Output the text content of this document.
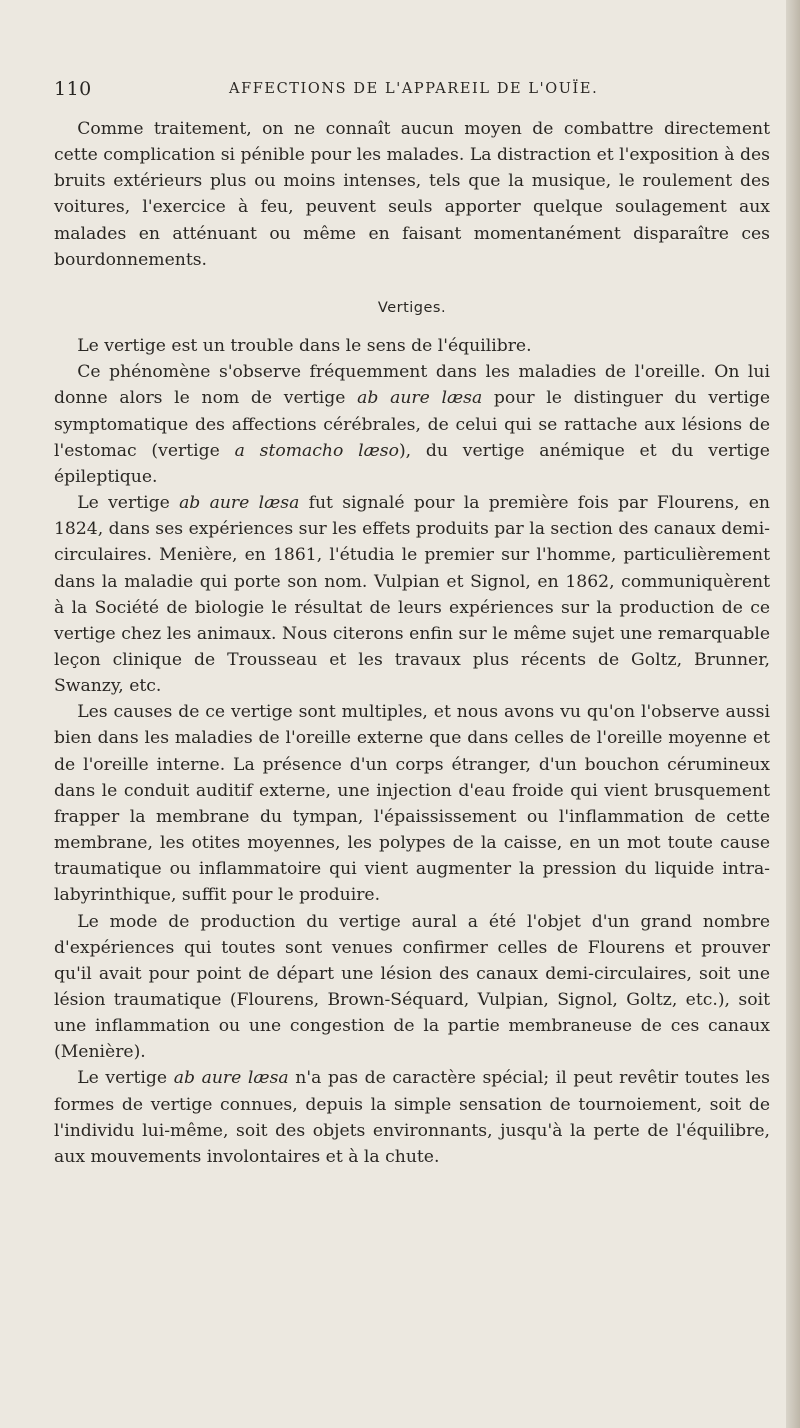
110	AFFECTIONS DE L'APPAREIL DE L'OUÏE.

Comme traitement, on ne connaît aucun moyen de combattre directement cette complication si pénible pour les malades. La distraction et l'exposition à des bruits extérieurs plus ou moins intenses, tels que la musique, le roulement des voitures, l'exercice à feu, peuvent seuls apporter quelque soulagement aux malades en atténuant ou même en faisant momentanément disparaître ces bourdonnements.

Vertiges.

Le vertige est un trouble dans le sens de l'équilibre.

Ce phénomène s'observe fréquemment dans les maladies de l'oreille. On lui donne alors le nom de vertige ab aure læsa pour le distinguer du vertige symptomatique des affections cérébrales, de celui qui se rattache aux lésions de l'estomac (vertige a stomacho læso), du vertige anémique et du vertige épileptique.

Le vertige ab aure læsa fut signalé pour la première fois par Flourens, en 1824, dans ses expériences sur les effets produits par la section des canaux demi-circulaires. Menière, en 1861, l'étudia le premier sur l'homme, particulièrement dans la maladie qui porte son nom. Vulpian et Signol, en 1862, communiquèrent à la Société de biologie le résultat de leurs expériences sur la production de ce vertige chez les animaux. Nous citerons enfin sur le même sujet une remarquable leçon clinique de Trousseau et les travaux plus récents de Goltz, Brunner, Swanzy, etc.

Les causes de ce vertige sont multiples, et nous avons vu qu'on l'observe aussi bien dans les maladies de l'oreille externe que dans celles de l'oreille moyenne et de l'oreille interne. La présence d'un corps étranger, d'un bouchon cérumineux dans le conduit auditif externe, une injection d'eau froide qui vient brusquement frapper la membrane du tympan, l'épaississement ou l'inflammation de cette membrane, les otites moyennes, les polypes de la caisse, en un mot toute cause traumatique ou inflammatoire qui vient augmenter la pression du liquide intra-labyrinthique, suffit pour le produire.

Le mode de production du vertige aural a été l'objet d'un grand nombre d'expériences qui toutes sont venues confirmer celles de Flourens et prouver qu'il avait pour point de départ une lésion des canaux demi-circulaires, soit une lésion traumatique (Flourens, Brown-Séquard, Vulpian, Signol, Goltz, etc.), soit une inflammation ou une congestion de la partie membraneuse de ces canaux (Menière).

Le vertige ab aure læsa n'a pas de caractère spécial; il peut revêtir toutes les formes de vertige connues, depuis la simple sensation de tournoiement, soit de l'individu lui-même, soit des objets environnants, jusqu'à la perte de l'équilibre, aux mouvements involontaires et à la chute.
